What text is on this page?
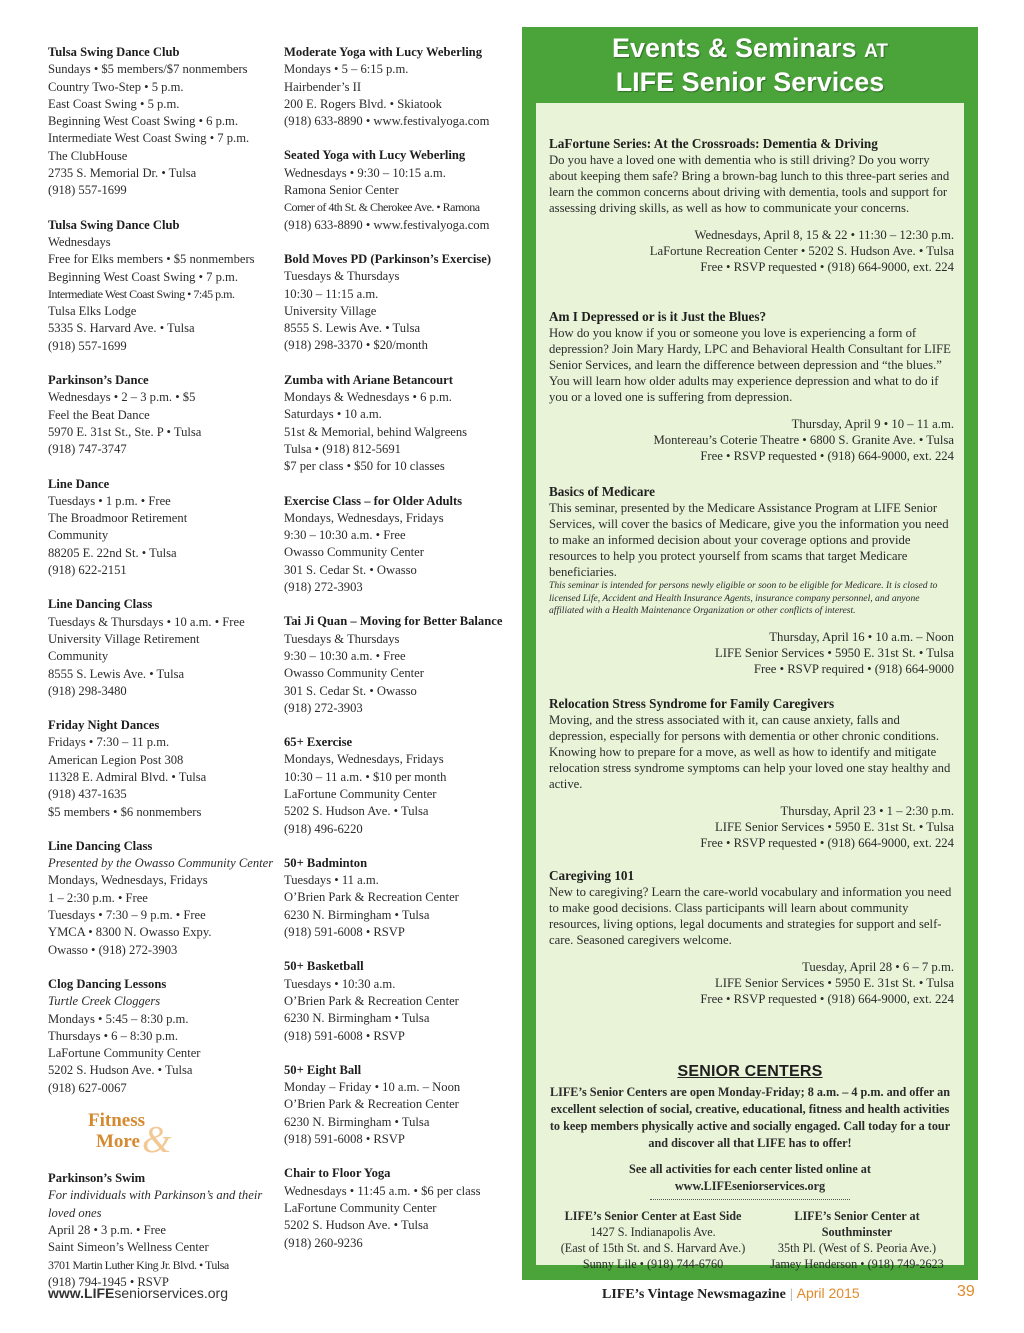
Tulsa Swing Dance Club
Sundays • $5 members/$7 nonmembers
Country Two-Step • 5 p.m.
East Coast Swing • 5 p.m.
Beginning West Coast Swing • 6 p.m.
Intermediate West Coast Swing • 7 p.m.
The ClubHouse
2735 S. Memorial Dr. • Tulsa
(918) 557-1699
Tulsa Swing Dance Club
Wednesdays
Free for Elks members • $5 nonmembers
Beginning West Coast Swing • 7 p.m.
Intermediate West Coast Swing • 7:45 p.m.
Tulsa Elks Lodge
5335 S. Harvard Ave. • Tulsa
(918) 557-1699
Parkinson’s Dance
Wednesdays • 2 – 3 p.m. • $5
Feel the Beat Dance
5970 E. 31st St., Ste. P • Tulsa
(918) 747-3747
Line Dance
Tuesdays • 1 p.m. • Free
The Broadmoor Retirement
Community
88205 E. 22nd St. • Tulsa
(918) 622-2151
Line Dancing Class
Tuesdays & Thursdays • 10 a.m. • Free
University Village Retirement
Community
8555 S. Lewis Ave. • Tulsa
(918) 298-3480
Friday Night Dances
Fridays • 7:30 – 11 p.m.
American Legion Post 308
11328 E. Admiral Blvd. • Tulsa
(918) 437-1635
$5 members • $6 nonmembers
Line Dancing Class
Presented by the Owasso Community Center
Mondays, Wednesdays, Fridays
1 – 2:30 p.m. • Free
Tuesdays • 7:30 – 9 p.m. • Free
YMCA • 8300 N. Owasso Expy.
Owasso • (918) 272-3903
Clog Dancing Lessons
Turtle Creek Cloggers
Mondays • 5:45 – 8:30 p.m.
Thursdays • 6 – 8:30 p.m.
LaFortune Community Center
5202 S. Hudson Ave. • Tulsa
(918) 627-0067
Fitness
&
More
Parkinson’s Swim
For individuals with Parkinson’s and their loved ones
April 28 • 3 p.m. • Free
Saint Simeon’s Wellness Center
3701 Martin Luther King Jr. Blvd. • Tulsa
(918) 794-1945 • RSVP
Moderate Yoga with Lucy Weberling
Mondays • 5 – 6:15 p.m.
Hairbender’s II
200 E. Rogers Blvd. • Skiatook
(918) 633-8890 • www.festivalyoga.com
Seated Yoga with Lucy Weberling
Wednesdays • 9:30 – 10:15 a.m.
Ramona Senior Center
Corner of 4th St. & Cherokee Ave. • Ramona
(918) 633-8890 • www.festivalyoga.com
Bold Moves PD (Parkinson’s Exercise)
Tuesdays & Thursdays
10:30 – 11:15 a.m.
University Village
8555 S. Lewis Ave. • Tulsa
(918) 298-3370 • $20/month
Zumba with Ariane Betancourt
Mondays & Wednesdays • 6 p.m.
Saturdays • 10 a.m.
51st & Memorial, behind Walgreens
Tulsa • (918) 812-5691
$7 per class • $50 for 10 classes
Exercise Class – for Older Adults
Mondays, Wednesdays, Fridays
9:30 – 10:30 a.m. • Free
Owasso Community Center
301 S. Cedar St. • Owasso
(918) 272-3903
Tai Ji Quan – Moving for Better Balance
Tuesdays & Thursdays
9:30 – 10:30 a.m. • Free
Owasso Community Center
301 S. Cedar St. • Owasso
(918) 272-3903
65+ Exercise
Mondays, Wednesdays, Fridays
10:30 – 11 a.m. • $10 per month
LaFortune Community Center
5202 S. Hudson Ave. • Tulsa
(918) 496-6220
50+ Badminton
Tuesdays • 11 a.m.
O’Brien Park & Recreation Center
6230 N. Birmingham • Tulsa
(918) 591-6008 • RSVP
50+ Basketball
Tuesdays • 10:30 a.m.
O’Brien Park & Recreation Center
6230 N. Birmingham • Tulsa
(918) 591-6008 • RSVP
50+ Eight Ball
Monday – Friday • 10 a.m. – Noon
O’Brien Park & Recreation Center
6230 N. Birmingham • Tulsa
(918) 591-6008 • RSVP
Chair to Floor Yoga
Wednesdays • 11:45 a.m. • $6 per class
LaFortune Community Center
5202 S. Hudson Ave. • Tulsa
(918) 260-9236
Events & Seminars AT
LIFE Senior Services
LaFortune Series: At the Crossroads: Dementia & Driving
Do you have a loved one with dementia who is still driving? Do you worry about keeping them safe? Bring a brown-bag lunch to this three-part series and learn the common concerns about driving with dementia, tools and support for assessing driving skills, as well as how to communicate your concerns.
Wednesdays, April 8, 15 & 22 • 11:30 – 12:30 p.m.
LaFortune Recreation Center • 5202 S. Hudson Ave. • Tulsa
Free • RSVP requested • (918) 664-9000, ext. 224
Am I Depressed or is it Just the Blues?
How do you know if you or someone you love is experiencing a form of depression? Join Mary Hardy, LPC and Behavioral Health Consultant for LIFE Senior Services, and learn the difference between depression and “the blues.” You will learn how older adults may experience depression and what to do if you or a loved one is suffering from depression.
Thursday, April 9 • 10 – 11 a.m.
Montereau’s Coterie Theatre • 6800 S. Granite Ave. • Tulsa
Free • RSVP requested • (918) 664-9000, ext. 224
Basics of Medicare
This seminar, presented by the Medicare Assistance Program at LIFE Senior Services, will cover the basics of Medicare, give you the information you need to make an informed decision about your coverage options and provide resources to help you protect yourself from scams that target Medicare beneficiaries.
This seminar is intended for persons newly eligible or soon to be eligible for Medicare. It is closed to licensed Life, Accident and Health Insurance Agents, insurance company personnel, and anyone affiliated with a Health Maintenance Organization or other conflicts of interest.
Thursday, April 16 • 10 a.m. – Noon
LIFE Senior Services • 5950 E. 31st St. • Tulsa
Free • RSVP required • (918) 664-9000
Relocation Stress Syndrome for Family Caregivers
Moving, and the stress associated with it, can cause anxiety, falls and depression, especially for persons with dementia or other chronic conditions. Knowing how to prepare for a move, as well as how to identify and mitigate relocation stress syndrome symptoms can help your loved one stay healthy and active.
Thursday, April 23 • 1 – 2:30 p.m.
LIFE Senior Services • 5950 E. 31st St. • Tulsa
Free • RSVP requested • (918) 664-9000, ext. 224
Caregiving 101
New to caregiving? Learn the care-world vocabulary and information you need to make good decisions. Class participants will learn about community resources, living options, legal documents and strategies for support and self-care. Seasoned caregivers welcome.
Tuesday, April 28 • 6 – 7 p.m.
LIFE Senior Services • 5950 E. 31st St. • Tulsa
Free • RSVP requested • (918) 664-9000, ext. 224
SENIOR CENTERS
LIFE’s Senior Centers are open Monday-Friday; 8 a.m. – 4 p.m. and offer an excellent selection of social, creative, educational, fitness and health activities to keep members physically active and socially engaged. Call today for a tour and discover all that LIFE has to offer!
See all activities for each center listed online at
www.LIFEseniorservices.org
LIFE’s Senior Center at East Side
1427 S. Indianapolis Ave.
(East of 15th St. and S. Harvard Ave.)
Sunny Lile • (918) 744-6760
LIFE’s Senior Center at Southminster
35th Pl. (West of S. Peoria Ave.)
Jamey Henderson • (918) 749-2623
www.LIFEseniorservices.org	LIFE’s Vintage Newsmagazine | April 2015	39
